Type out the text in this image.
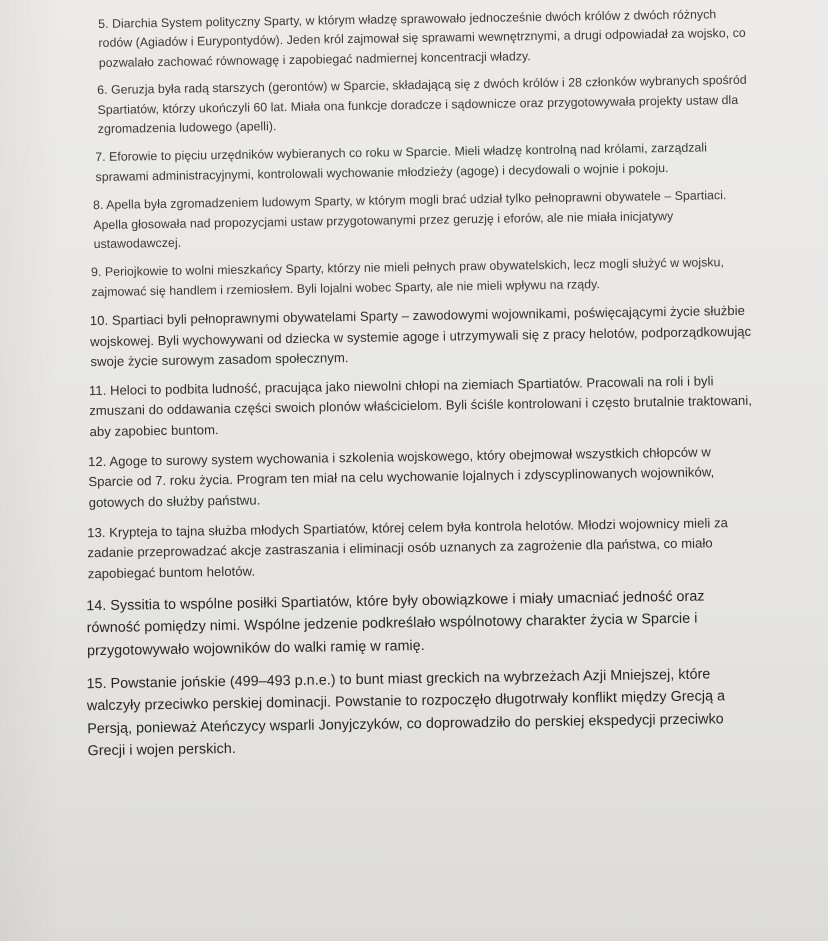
5. Diarchia System polityczny Sparty, w którym władzę sprawowało jednocześnie dwóch królów z dwóch różnych rodów (Agiadów i Eurypontydów). Jeden król zajmował się sprawami wewnętrznymi, a drugi odpowiadał za wojsko, co pozwalało zachować równowagę i zapobiegać nadmiernej koncentracji władzy.

6. Geruzja była radą starszych (gerontów) w Sparcie, składającą się z dwóch królów i 28 członków wybranych spośród Spartiatów, którzy ukończyli 60 lat. Miała ona funkcje doradcze i sądownicze oraz przygotowywała projekty ustaw dla zgromadzenia ludowego (apelli).

7. Eforowie to pięciu urzędników wybieranych co roku w Sparcie. Mieli władzę kontrolną nad królami, zarządzali sprawami administracyjnymi, kontrolowali wychowanie młodzieży (agoge) i decydowali o wojnie i pokoju.

8. Apella była zgromadzeniem ludowym Sparty, w którym mogli brać udział tylko pełnoprawni obywatele – Spartiaci. Apella głosowała nad propozycjami ustaw przygotowanymi przez geruzję i eforów, ale nie miała inicjatywy ustawodawczej.

9. Periojkowie to wolni mieszkańcy Sparty, którzy nie mieli pełnych praw obywatelskich, lecz mogli służyć w wojsku, zajmować się handlem i rzemiosłem. Byli lojalni wobec Sparty, ale nie mieli wpływu na rządy.

10. Spartiaci byli pełnoprawnymi obywatelami Sparty – zawodowymi wojownikami, poświęcającymi życie służbie wojskowej. Byli wychowywani od dziecka w systemie agoge i utrzymywali się z pracy helotów, podporządkowując swoje życie surowym zasadom społecznym.

11. Heloci to podbita ludność, pracująca jako niewolni chłopi na ziemiach Spartiatów. Pracowali na roli i byli zmuszani do oddawania części swoich plonów właścicielom. Byli ściśle kontrolowani i często brutalnie traktowani, aby zapobiec buntom.

12. Agoge to surowy system wychowania i szkolenia wojskowego, który obejmował wszystkich chłopców w Sparcie od 7. roku życia. Program ten miał na celu wychowanie lojalnych i zdyscyplinowanych wojowników, gotowych do służby państwu.

13. Krypteja to tajna służba młodych Spartiatów, której celem była kontrola helotów. Młodzi wojownicy mieli za zadanie przeprowadzać akcje zastraszania i eliminacji osób uznanych za zagrożenie dla państwa, co miało zapobiegać buntom helotów.

14. Syssitia to wspólne posiłki Spartiatów, które były obowiązkowe i miały umacniać jedność oraz równość pomiędzy nimi. Wspólne jedzenie podkreślało wspólnotowy charakter życia w Sparcie i przygotowywało wojowników do walki ramię w ramię.

15. Powstanie jońskie (499–493 p.n.e.) to bunt miast greckich na wybrzeżach Azji Mniejszej, które walczyły przeciwko perskiej dominacji. Powstanie to rozpoczęło długotrwały konflikt między Grecją a Persją, ponieważ Ateńczycy wsparli Jonyjczyków, co doprowadziło do perskiej ekspedycji przeciwko Grecji i wojen perskich.
